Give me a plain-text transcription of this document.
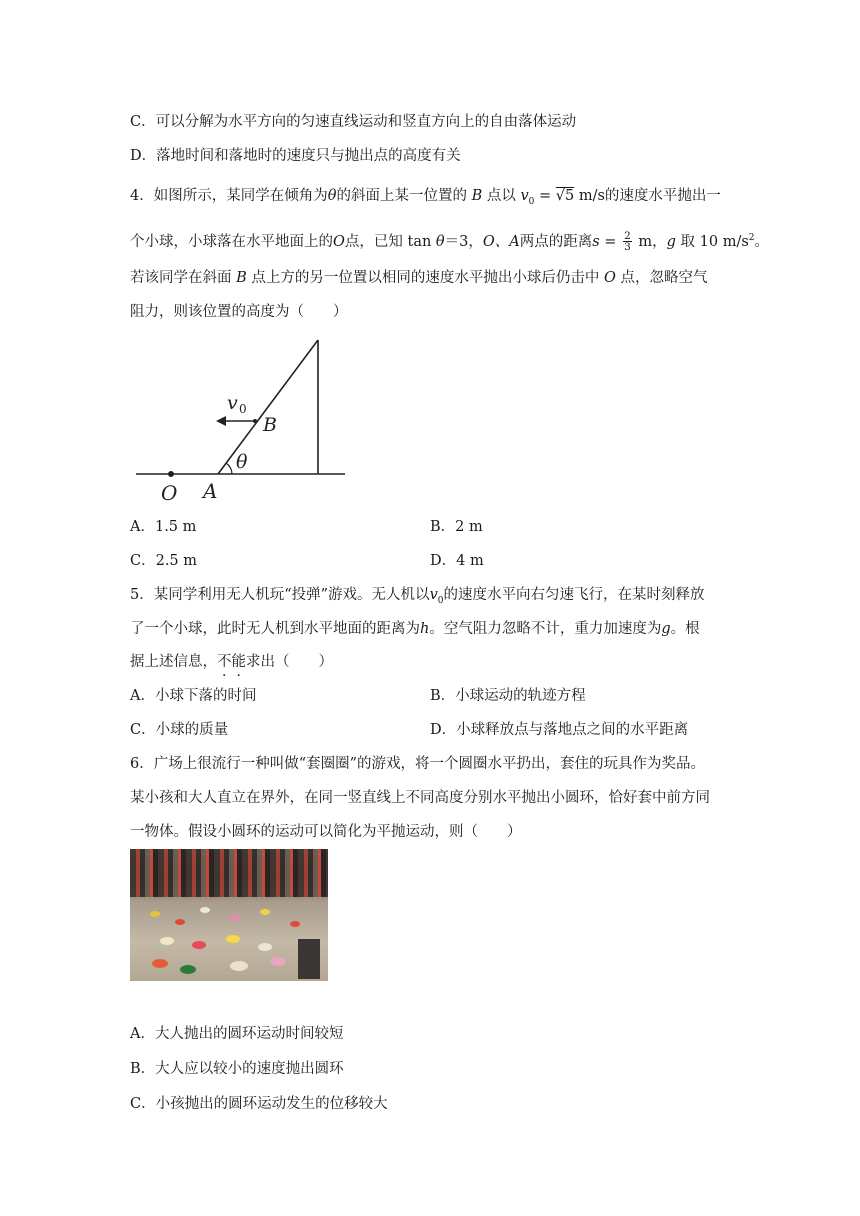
C．可以分解为水平方向的匀速直线运动和竖直方向上的自由落体运动
D．落地时间和落地时的速度只与抛出点的高度有关
4．如图所示，某同学在倾角为θ的斜面上某一位置的 B 点以 $v_0 = √5$ m/s的速度水平抛出一
个小球，小球落在水平地面上的O点，已知 tan θ＝3，O、A两点的距离$s = \frac{2}{3}$ m，g 取 10 $m/s^2$。
若该同学在斜面 B 点上方的另一位置以相同的速度水平抛出小球后仍击中 O 点，忽略空气
阻力，则该位置的高度为（　　）
v 0
B
θ
O A
A．1.5 m	B．2 m
C．2.5 m	D．4 m
5．某同学利用无人机玩“投弹”游戏。无人机以$v_0$的速度水平向右匀速飞行，在某时刻释放
了一个小球，此时无人机到水平地面的距离为h。空气阻力忽略不计，重力加速度为g。根
据上述信息，不能求出（　　）
A．小球下落的时间	B．小球运动的轨迹方程
C．小球的质量	D．小球释放点与落地点之间的水平距离
6．广场上很流行一种叫做“套圈圈”的游戏，将一个圆圈水平扔出，套住的玩具作为奖品。
某小孩和大人直立在界外，在同一竖直线上不同高度分别水平抛出小圆环，恰好套中前方同
一物体。假设小圆环的运动可以简化为平抛运动，则（　　）
A．大人抛出的圆环运动时间较短
B．大人应以较小的速度抛出圆环
C．小孩抛出的圆环运动发生的位移较大
